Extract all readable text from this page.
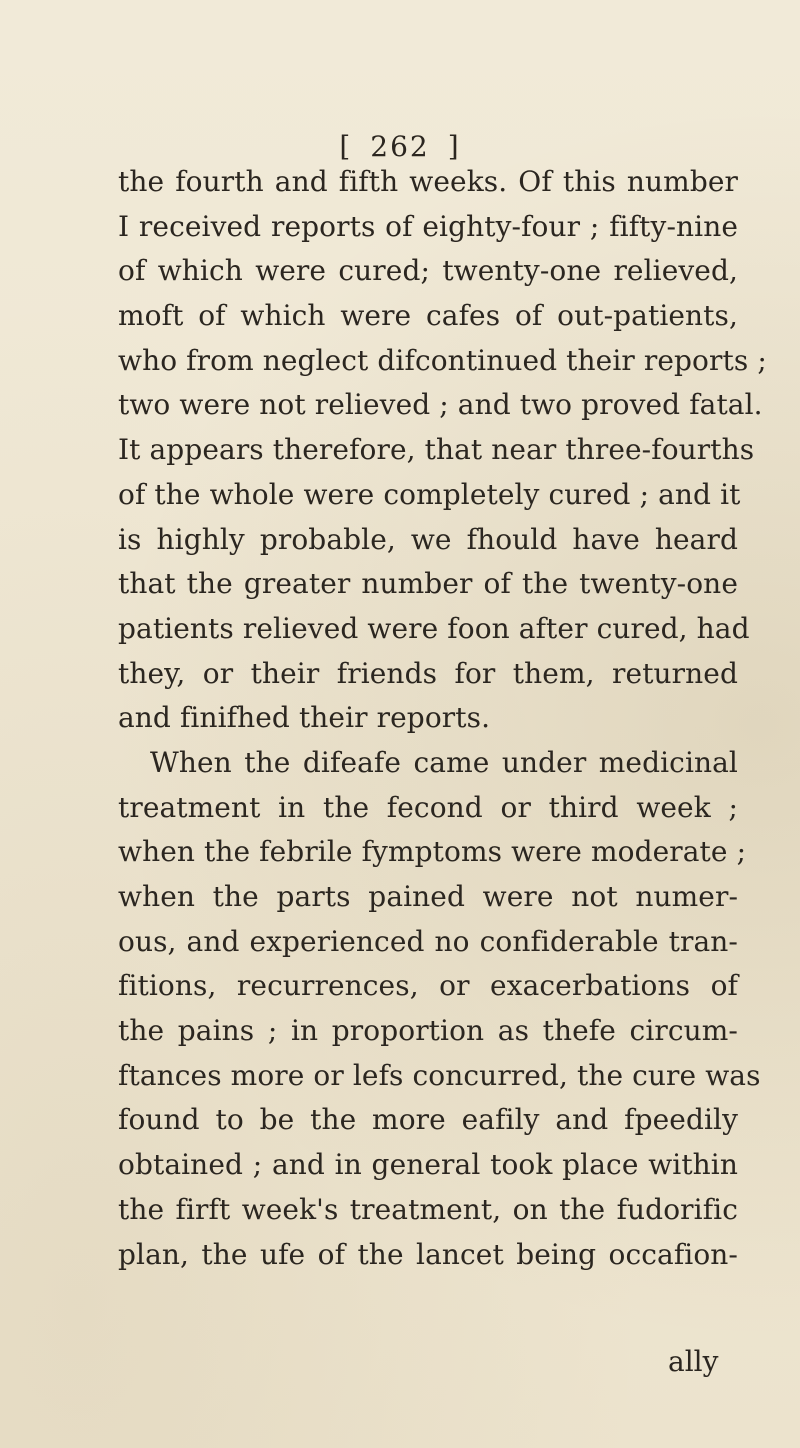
[ 262 ]
the fourth and fifth weeks. Of this number
I received reports of eighty-four ; fifty-nine
of which were cured; twenty-one relieved,
moft of which were cafes of out-patients,
who from neglect difcontinued their reports ;
two were not relieved ; and two proved fatal.
It appears therefore, that near three-fourths
of the whole were completely cured ; and it
is highly probable, we fhould have heard
that the greater number of the twenty-one
patients relieved were foon after cured, had
they, or their friends for them, returned
and finifhed their reports.
When the difeafe came under medicinal
treatment in the fecond or third week ;
when the febrile fymptoms were moderate ;
when the parts pained were not numer-
ous, and experienced no confiderable tran-
fitions, recurrences, or exacerbations of
the pains ; in proportion as thefe circum-
ftances more or lefs concurred, the cure was
found to be the more eafily and fpeedily
obtained ; and in general took place within
the firft week's treatment, on the fudorific
plan, the ufe of the lancet being occafion-
ally
